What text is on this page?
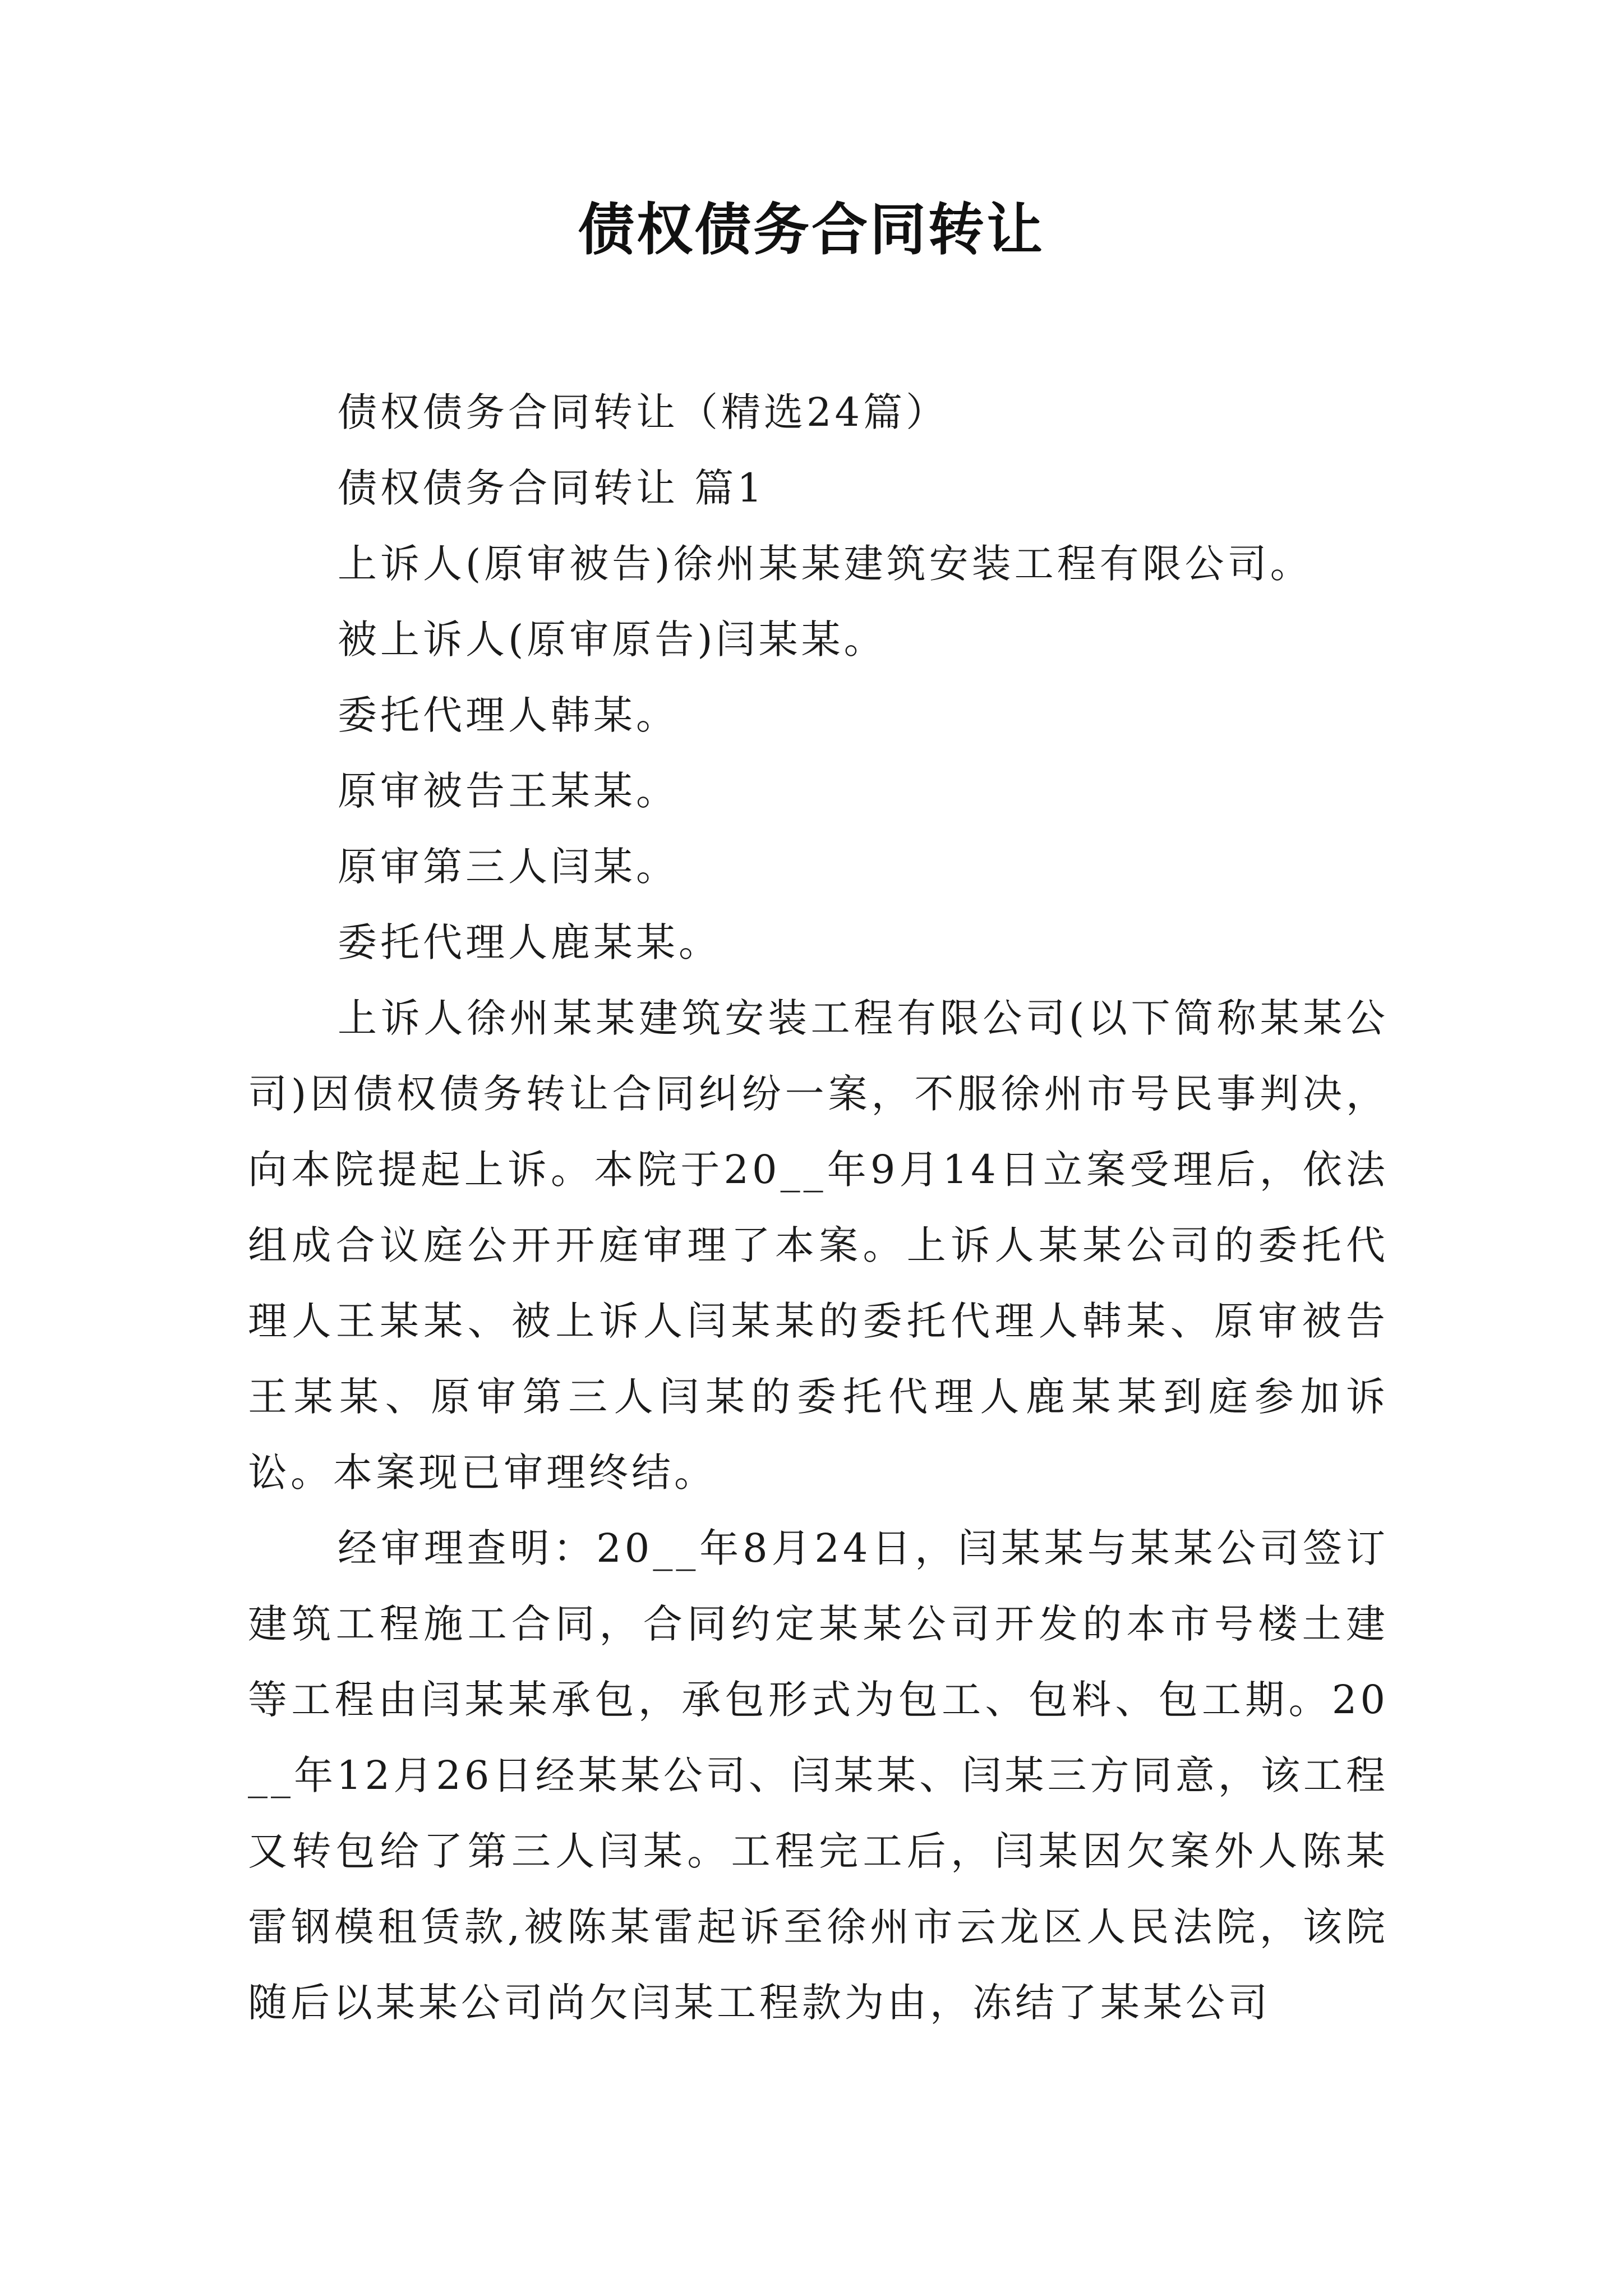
债权债务合同转让

债权债务合同转让（精选24篇）

债权债务合同转让 篇1

上诉人(原审被告)徐州某某建筑安装工程有限公司。

被上诉人(原审原告)闫某某。

委托代理人韩某。

原审被告王某某。

原审第三人闫某。

委托代理人鹿某某。

上诉人徐州某某建筑安装工程有限公司(以下简称某某公司)因债权债务转让合同纠纷一案，不服徐州市号民事判决，向本院提起上诉。本院于20__年9月14日立案受理后，依法组成合议庭公开开庭审理了本案。上诉人某某公司的委托代理人王某某、被上诉人闫某某的委托代理人韩某、原审被告王某某、原审第三人闫某的委托代理人鹿某某到庭参加诉讼。本案现已审理终结。

经审理查明：20__年8月24日，闫某某与某某公司签订建筑工程施工合同，合同约定某某公司开发的本市号楼土建等工程由闫某某承包，承包形式为包工、包料、包工期。20__年12月26日经某某公司、闫某某、闫某三方同意，该工程又转包给了第三人闫某。工程完工后，闫某因欠案外人陈某雷钢模租赁款,被陈某雷起诉至徐州市云龙区人民法院，该院随后以某某公司尚欠闫某工程款为由，冻结了某某公司
